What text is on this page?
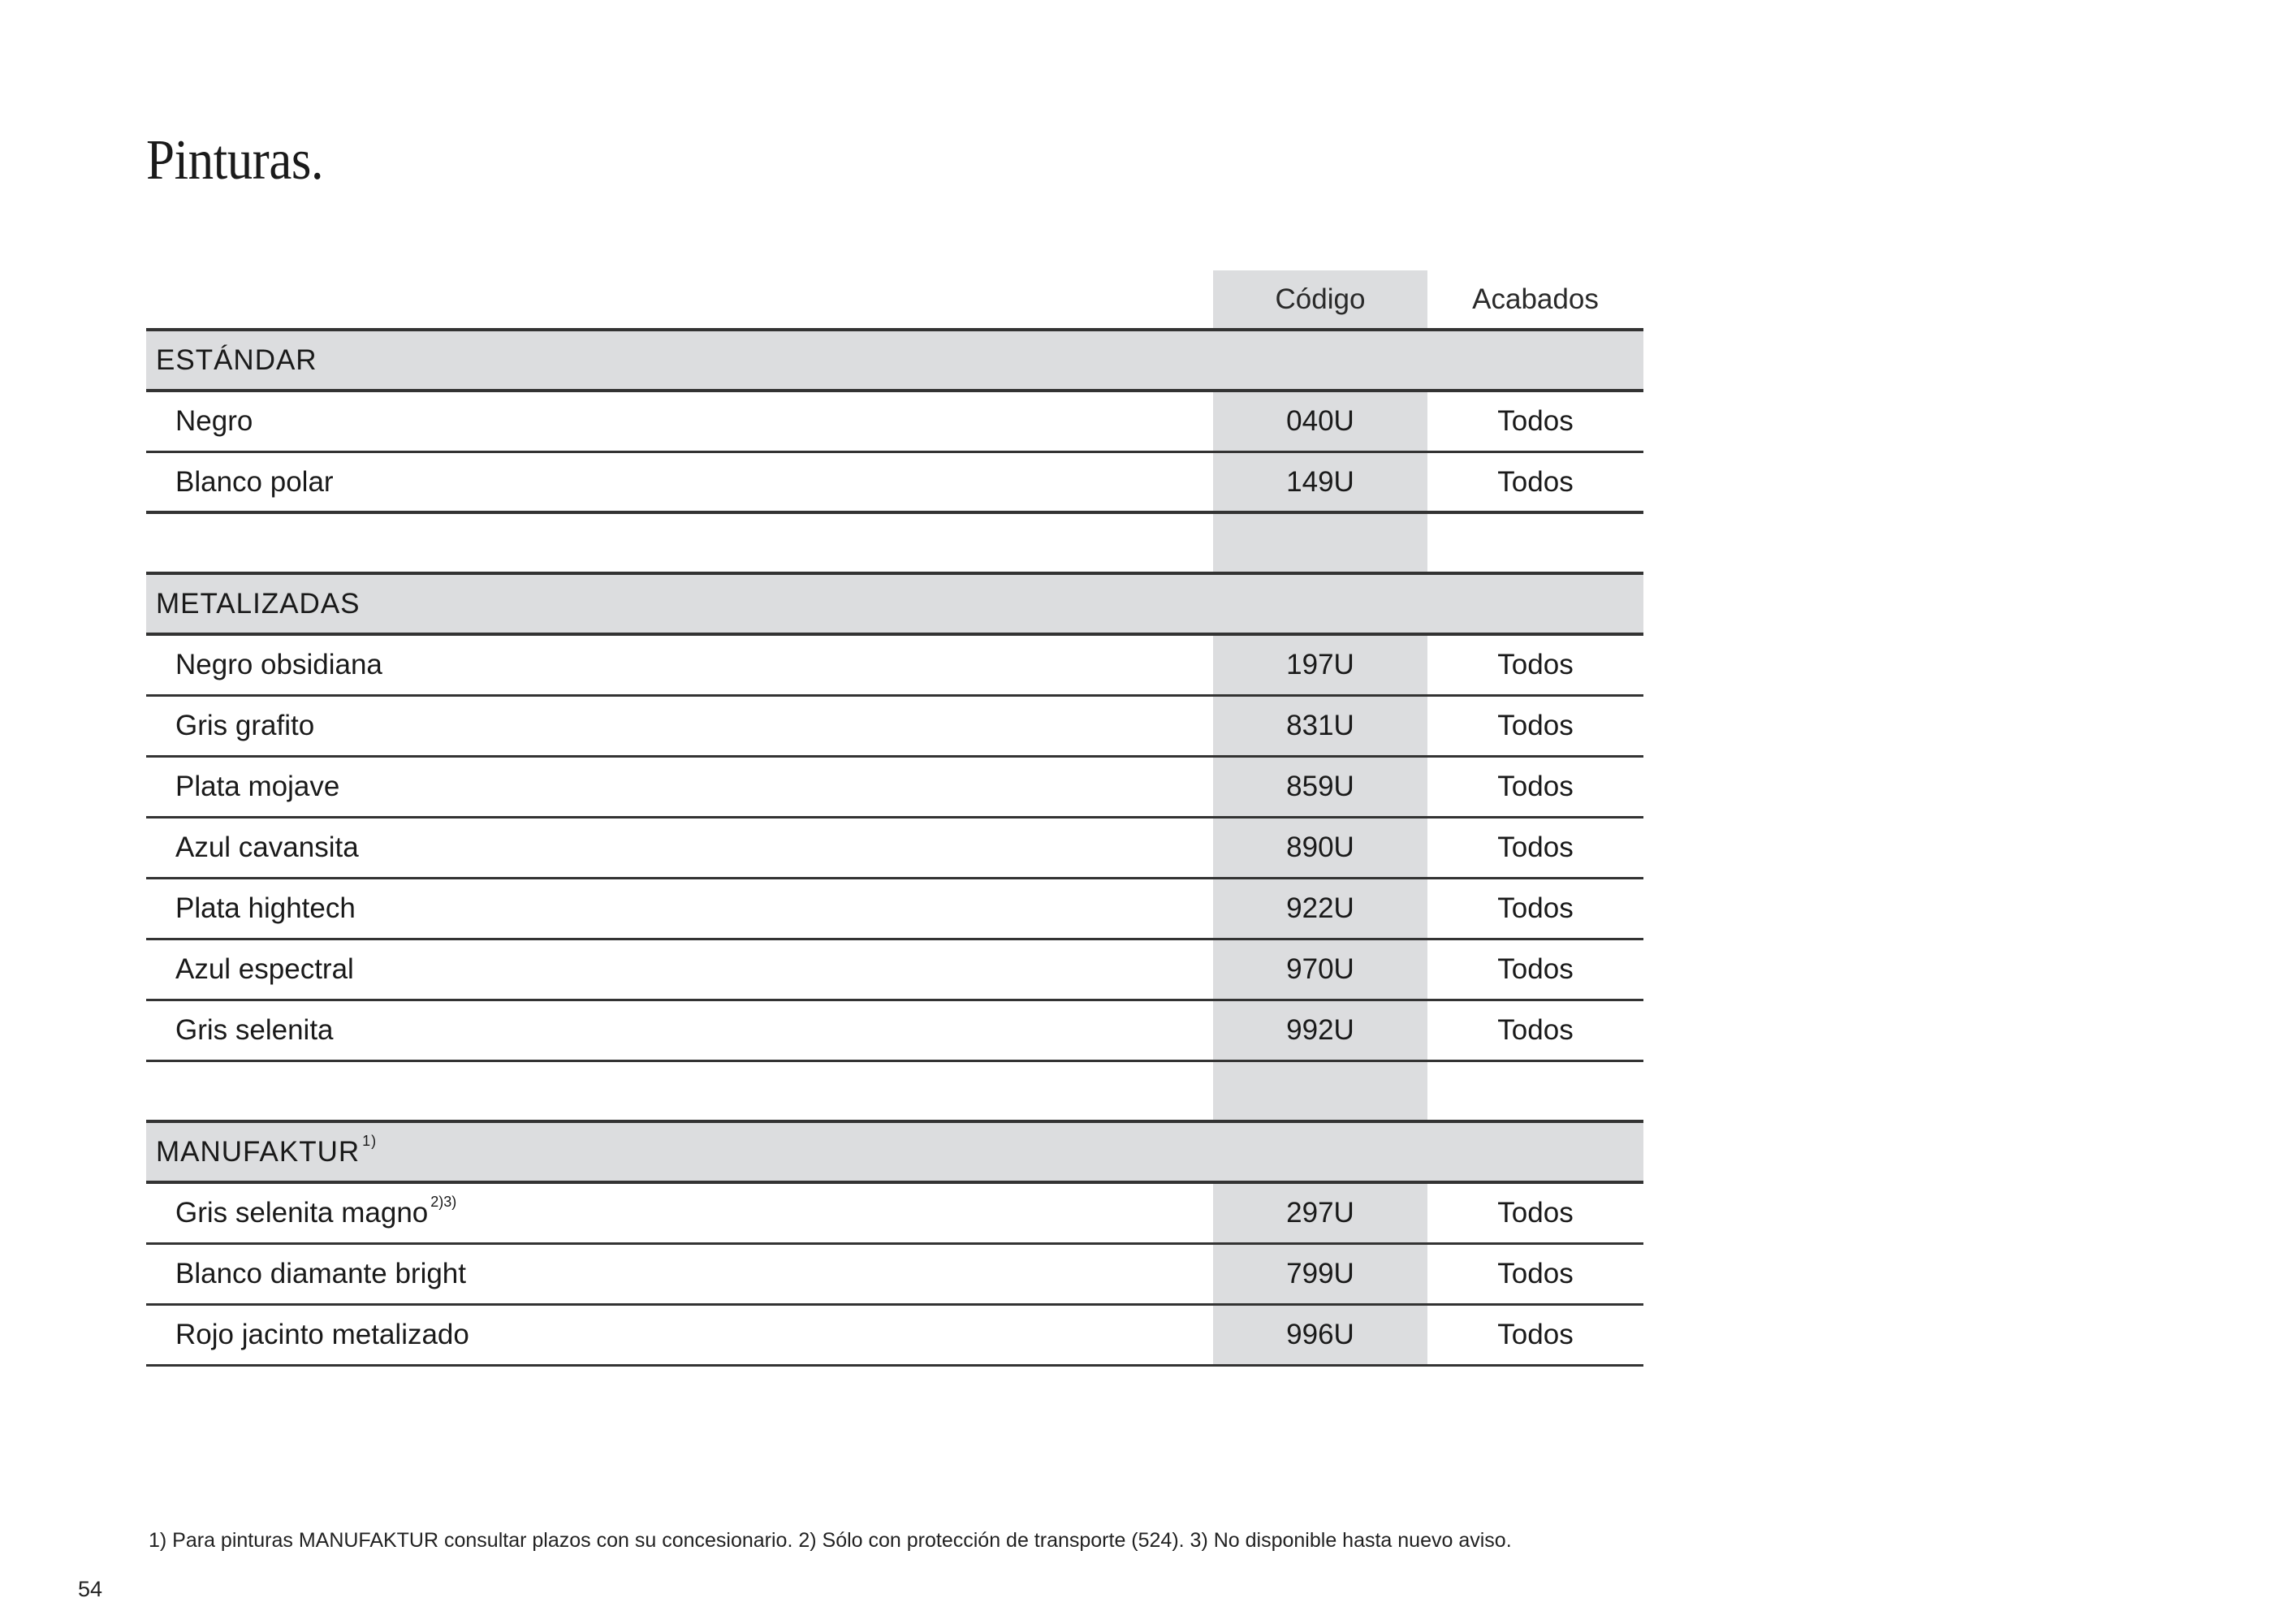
Pinturas.
Código	Acabados
ESTÁNDAR
Negro	040U	Todos
Blanco polar	149U	Todos
METALIZADAS
Negro obsidiana	197U	Todos
Gris grafito	831U	Todos
Plata mojave	859U	Todos
Azul cavansita	890U	Todos
Plata hightech	922U	Todos
Azul espectral	970U	Todos
Gris selenita	992U	Todos
MANUFAKTUR $^{1)}$
Gris selenita magno $^{2)3)}$	297U	Todos
Blanco diamante bright	799U	Todos
Rojo jacinto metalizado	996U	Todos
1) Para pinturas MANUFAKTUR consultar plazos con su concesionario. 2) Sólo con protección de transporte (524). 3) No disponible hasta nuevo aviso.
54
